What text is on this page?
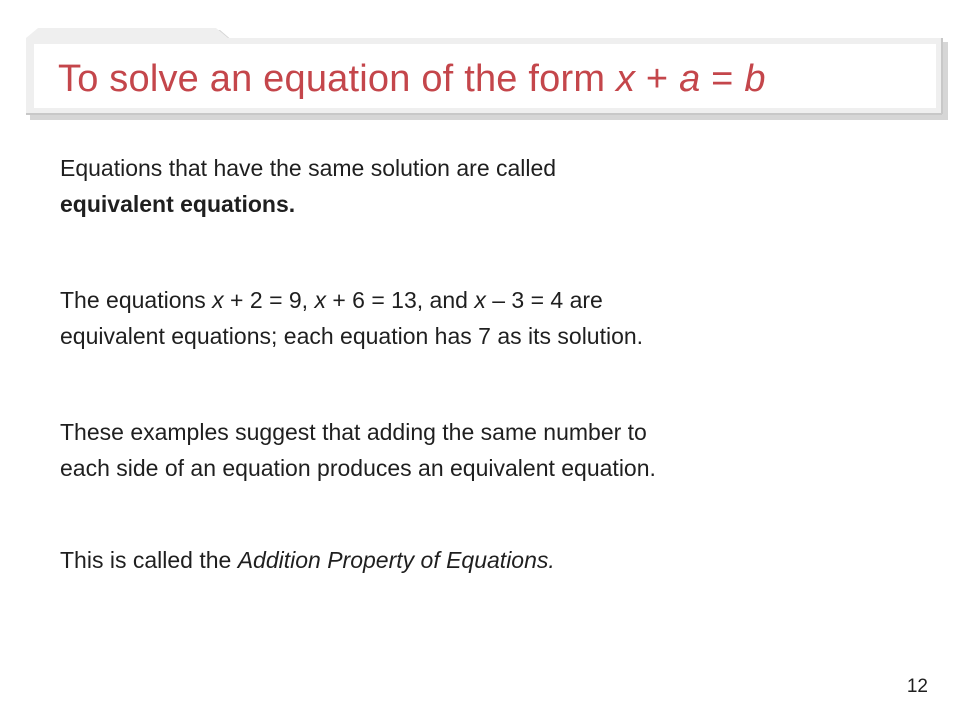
To solve an equation of the form x + a = b

Equations that have the same solution are called
equivalent equations.

The equations x + 2 = 9, x + 6 = 13, and x – 3 = 4 are
equivalent equations; each equation has 7 as its solution.

These examples suggest that adding the same number to
each side of an equation produces an equivalent equation.

This is called the Addition Property of Equations.

12
